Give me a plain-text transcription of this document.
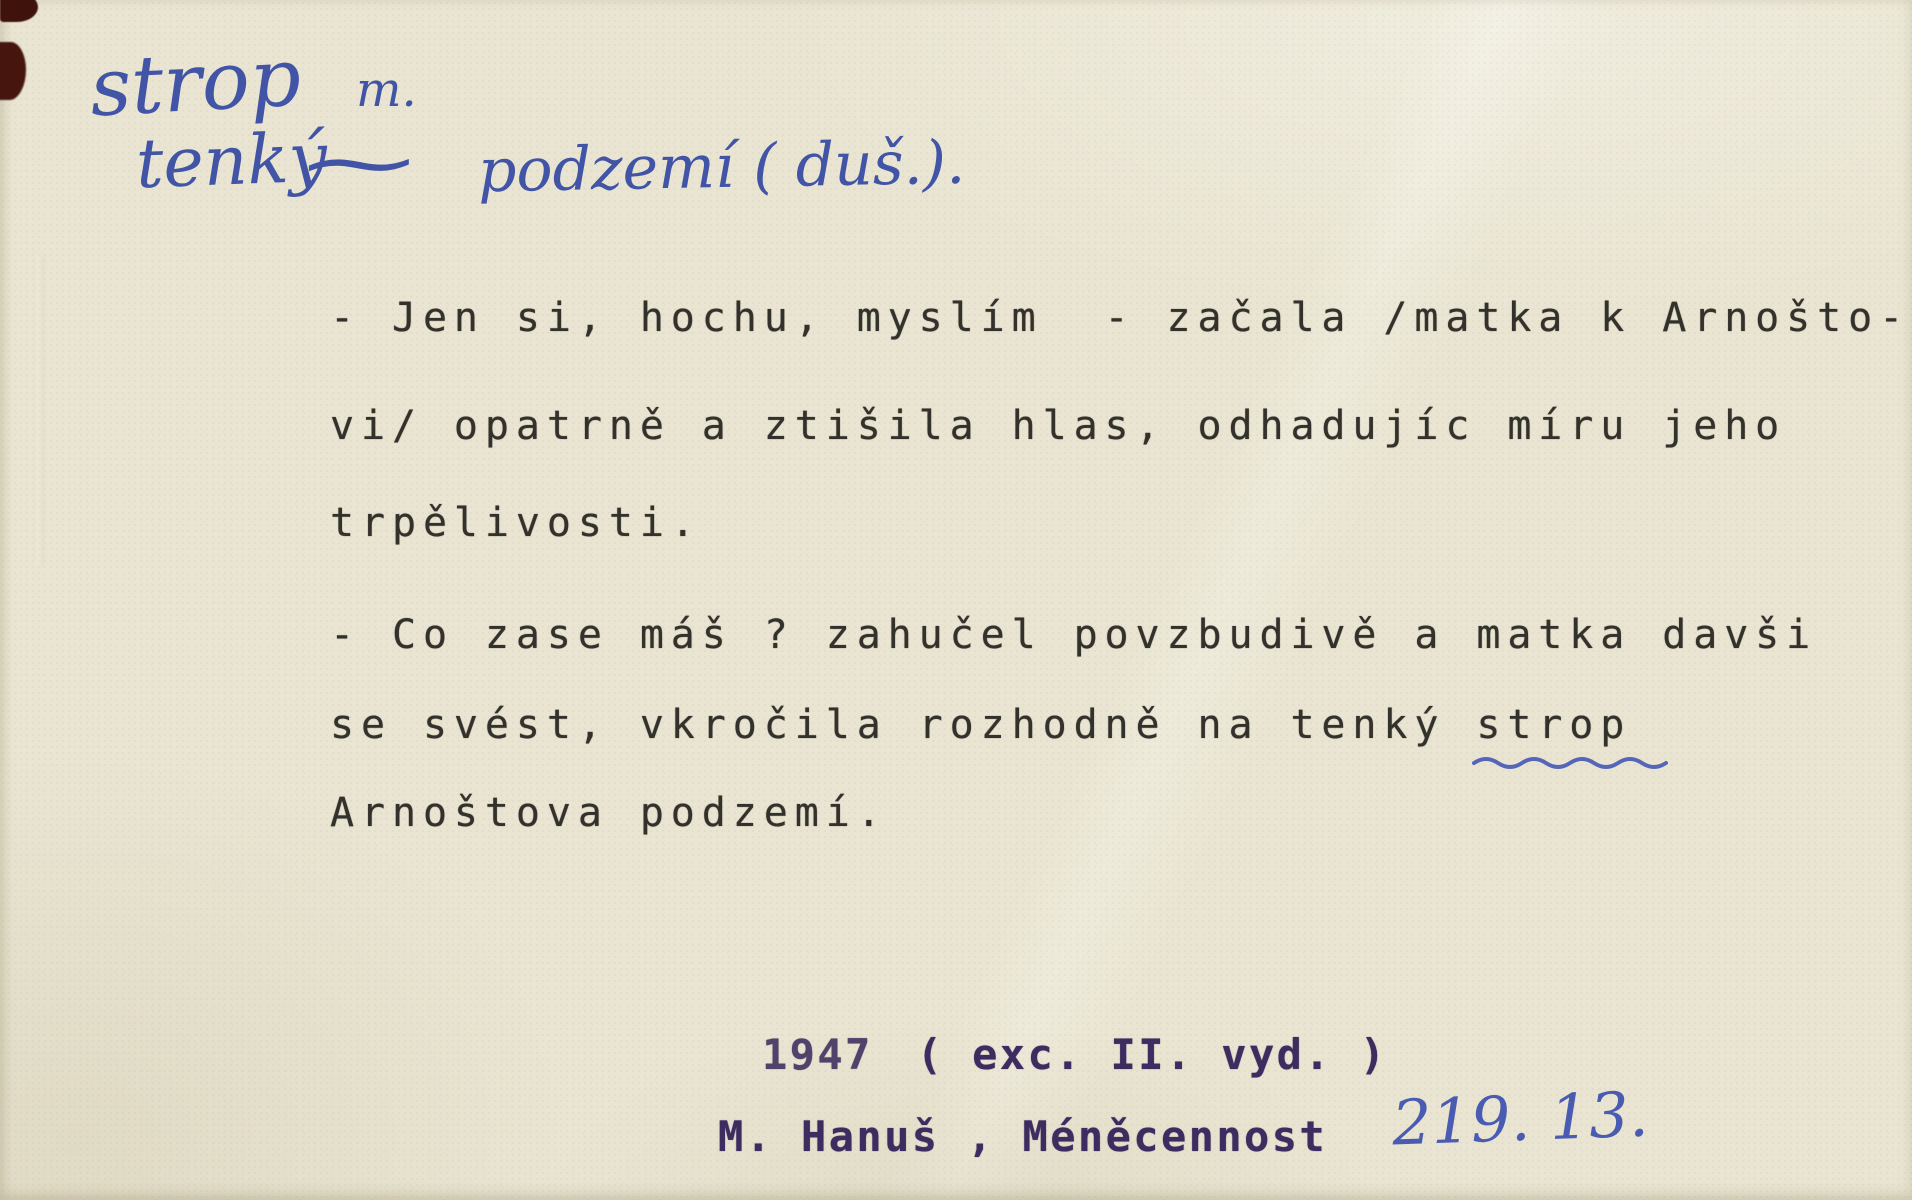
strop m.
tenký
~ podzemí ( duš.).
- Jen si, hochu, myslím  - začala /matka k Arnošto-
vi/ opatrně a ztišila hlas, odhadujíc míru jeho
trpělivosti.
- Co zase máš ? zahučel povzbudivě a matka davši
se svést, vkročila rozhodně na tenký strop
Arnoštova podzemí.
1947 ( exc. II. vyd. )
M. Hanuš , Méněcennost 219. 13.
